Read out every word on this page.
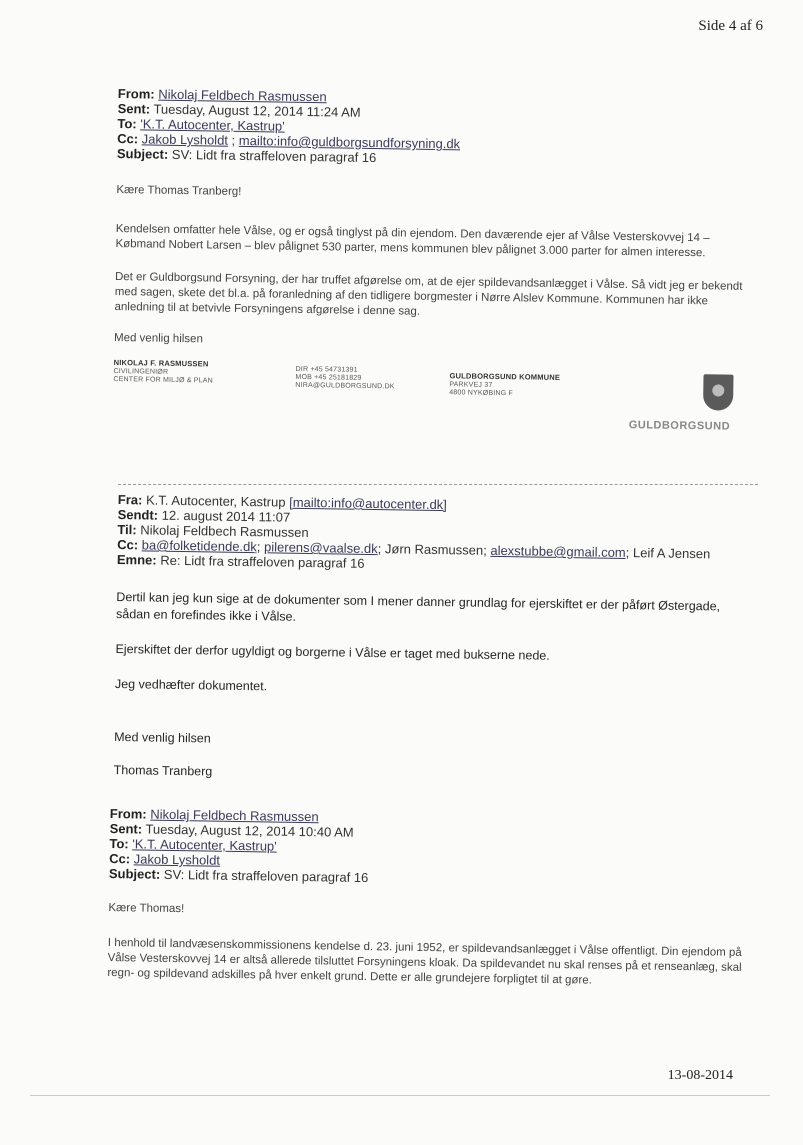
Side 4 af 6
From: Nikolaj Feldbech Rasmussen
Sent: Tuesday, August 12, 2014 11:24 AM
To: 'K.T. Autocenter, Kastrup'
Cc: Jakob Lysholdt ; mailto:info@guldborgsundforsyning.dk
Subject: SV: Lidt fra straffeloven paragraf 16

Kære Thomas Tranberg!

Kendelsen omfatter hele Vålse, og er også tinglyst på din ejendom. Den daværende ejer af Vålse Vesterskovvej 14 – Købmand Nobert Larsen – blev pålignet 530 parter, mens kommunen blev pålignet 3.000 parter for almen interesse.

Det er Guldborgsund Forsyning, der har truffet afgørelse om, at de ejer spildevandsanlægget i Vålse. Så vidt jeg er bekendt med sagen, skete det bl.a. på foranledning af den tidligere borgmester i Nørre Alslev Kommune. Kommunen har ikke anledning til at betvivle Forsyningens afgørelse i denne sag.

Med venlig hilsen

NIKOLAJ F. RASMUSSEN
CIVILINGENIØR
CENTER FOR MILJØ & PLAN
DIR +45 54731391
MOB +45 25181829
NIRA@GULDBORGSUND.DK
GULDBORGSUND KOMMUNE
PARKVEJ 37
4800 NYKØBING F
GULDBORGSUND
Fra: K.T. Autocenter, Kastrup [mailto:info@autocenter.dk]
Sendt: 12. august 2014 11:07
Til: Nikolaj Feldbech Rasmussen
Cc: ba@folketidende.dk; pilerens@vaalse.dk; Jørn Rasmussen; alexstubbe@gmail.com; Leif A Jensen
Emne: Re: Lidt fra straffeloven paragraf 16

Dertil kan jeg kun sige at de dokumenter som I mener danner grundlag for ejerskiftet er der påført Østergade, sådan en forefindes ikke i Vålse.

Ejerskiftet der derfor ugyldigt og borgerne i Vålse er taget med bukserne nede.

Jeg vedhæfter dokumentet.

Med venlig hilsen

Thomas Tranberg

From: Nikolaj Feldbech Rasmussen
Sent: Tuesday, August 12, 2014 10:40 AM
To: 'K.T. Autocenter, Kastrup'
Cc: Jakob Lysholdt
Subject: SV: Lidt fra straffeloven paragraf 16

Kære Thomas!

I henhold til landvæsenskommissionens kendelse d. 23. juni 1952, er spildevandsanlægget i Vålse offentligt. Din ejendom på Vålse Vesterskovvej 14 er altså allerede tilsluttet Forsyningens kloak. Da spildevandet nu skal renses på et renseanlæg, skal regn- og spildevand adskilles på hver enkelt grund. Dette er alle grundejere forpligtet til at gøre.

13-08-2014
